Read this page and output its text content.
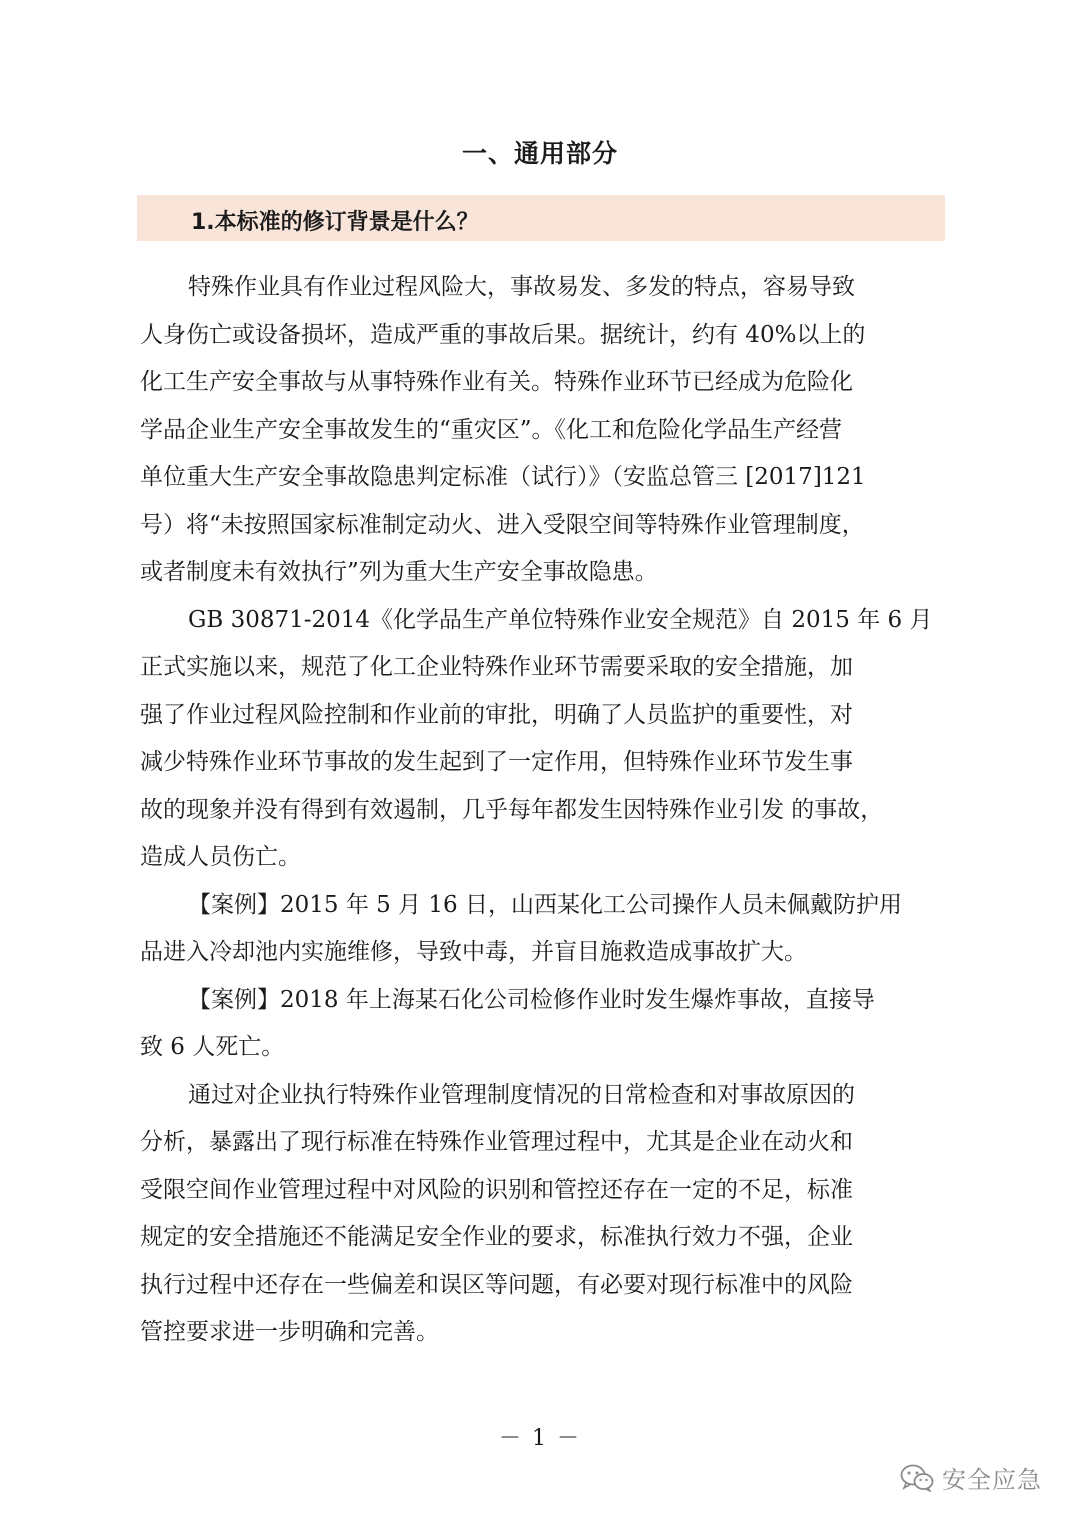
一、通用部分
1.本标准的修订背景是什么？
特殊作业具有作业过程风险大，事故易发、多发的特点，容易导致
人身伤亡或设备损坏，造成严重的事故后果。据统计，约有 40%以上的
化工生产安全事故与从事特殊作业有关。特殊作业环节已经成为危险化
学品企业生产安全事故发生的“重灾区”。《化工和危险化学品生产经营
单位重大生产安全事故隐患判定标准（试行）》（安监总管三 [2017]121
号）将“未按照国家标准制定动火、进入受限空间等特殊作业管理制度，
或者制度未有效执行”列为重大生产安全事故隐患。
GB 30871-2014《化学品生产单位特殊作业安全规范》自 2015 年 6 月
正式实施以来，规范了化工企业特殊作业环节需要采取的安全措施，加
强了作业过程风险控制和作业前的审批，明确了人员监护的重要性，对
减少特殊作业环节事故的发生起到了一定作用，但特殊作业环节发生事
故的现象并没有得到有效遏制，几乎每年都发生因特殊作业引发 的事故，
造成人员伤亡。
【案例】2015 年 5 月 16 日，山西某化工公司操作人员未佩戴防护用
品进入冷却池内实施维修，导致中毒，并盲目施救造成事故扩大。
【案例】2018 年上海某石化公司检修作业时发生爆炸事故，直接导
致 6 人死亡。
通过对企业执行特殊作业管理制度情况的日常检查和对事故原因的
分析，暴露出了现行标准在特殊作业管理过程中，尤其是企业在动火和
受限空间作业管理过程中对风险的识别和管控还存在一定的不足，标准
规定的安全措施还不能满足安全作业的要求，标准执行效力不强，企业
执行过程中还存在一些偏差和误区等问题，有必要对现行标准中的风险
管控要求进一步明确和完善。
－ 1 －
安全应急
